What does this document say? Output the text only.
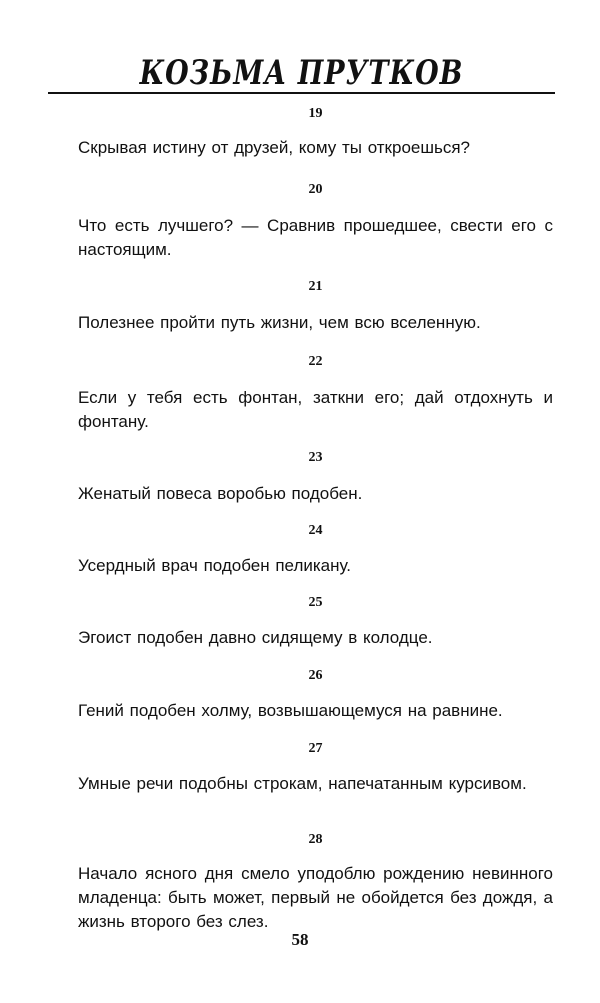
КОЗЬМА ПРУТКОВ
19
Скрывая истину от друзей, кому ты откроешься?
20
Что есть лучшего? — Сравнив прошедшее, свести его с настоящим.
21
Полезнее пройти путь жизни, чем всю вселенную.
22
Если у тебя есть фонтан, заткни его; дай отдохнуть и фонтану.
23
Женатый повеса воробью подобен.
24
Усердный врач подобен пеликану.
25
Эгоист подобен давно сидящему в колодце.
26
Гений подобен холму, возвышающемуся на равнине.
27
Умные речи подобны строкам, напечатанным курсивом.
28
Начало ясного дня смело уподоблю рождению невинного младенца: быть может, первый не обойдется без дождя, а жизнь второго без слез.
58
